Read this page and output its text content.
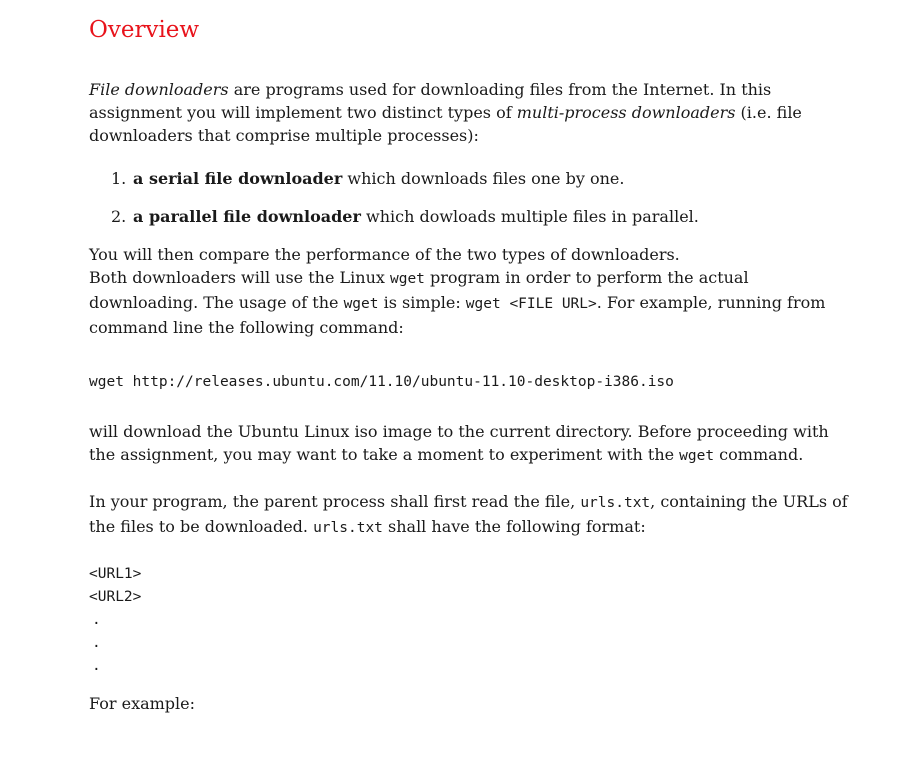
Overview

File downloaders are programs used for downloading files from the Internet. In this assignment you will implement two distinct types of multi-process downloaders (i.e. file downloaders that comprise multiple processes):

1. a serial file downloader which downloads files one by one.
2. a parallel file downloader which dowloads multiple files in parallel.

You will then compare the performance of the two types of downloaders.
Both downloaders will use the Linux wget program in order to perform the actual downloading. The usage of the wget is simple: wget <FILE URL>. For example, running from command line the following command:

wget http://releases.ubuntu.com/11.10/ubuntu-11.10-desktop-i386.iso

will download the Ubuntu Linux iso image to the current directory. Before proceeding with the assignment, you may want to take a moment to experiment with the wget command.

In your program, the parent process shall first read the file, urls.txt, containing the URLs of the files to be downloaded. urls.txt shall have the following format:

<URL1>
<URL2>
.
.
.

For example:
